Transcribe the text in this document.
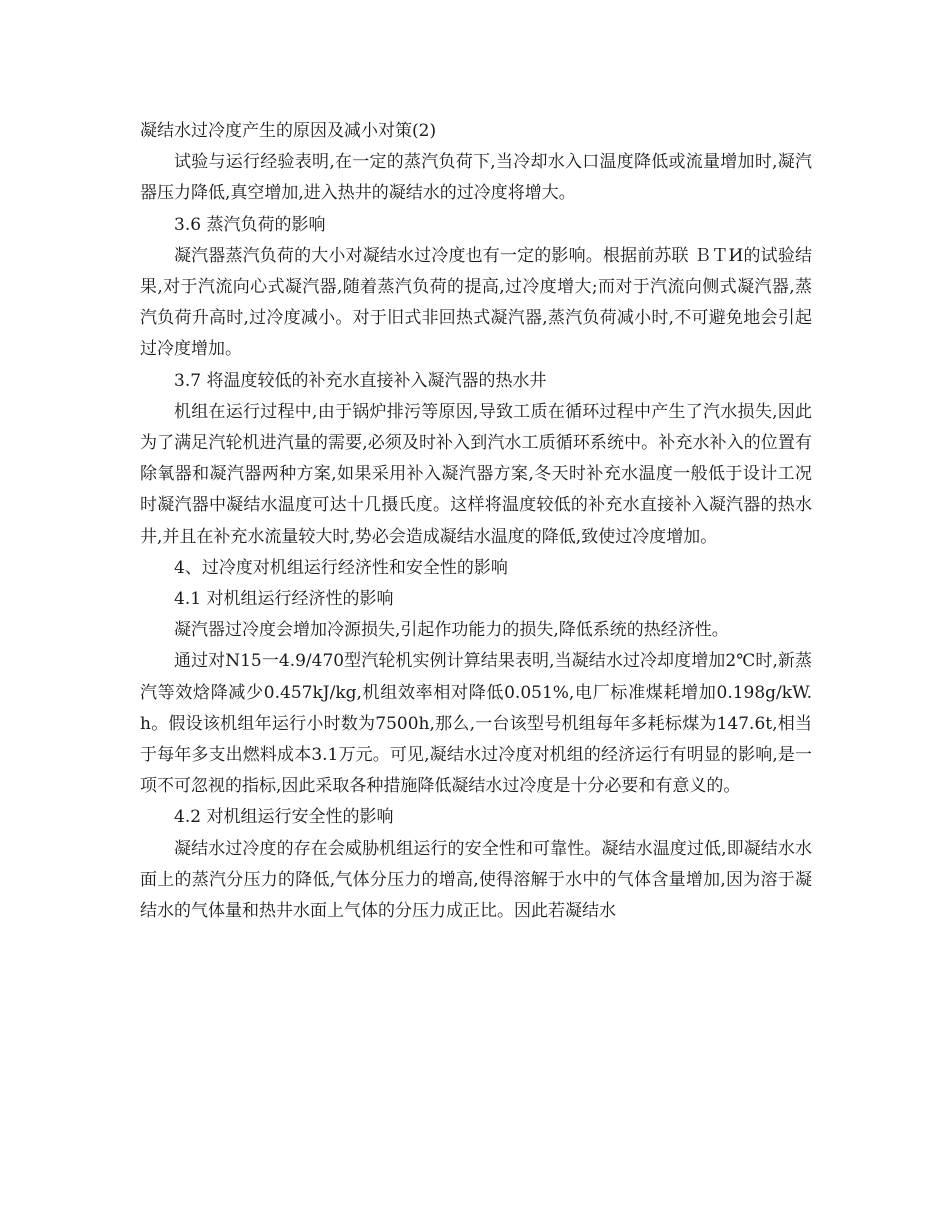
凝结水过冷度产生的原因及减小对策(2)

试验与运行经验表明,在一定的蒸汽负荷下,当冷却水入口温度降低或流量增加时,凝汽器压力降低,真空增加,进入热井的凝结水的过冷度将增大。

3.6 蒸汽负荷的影响

凝汽器蒸汽负荷的大小对凝结水过冷度也有一定的影响。根据前苏联 ＢＴИ的试验结果,对于汽流向心式凝汽器,随着蒸汽负荷的提高,过冷度增大;而对于汽流向侧式凝汽器,蒸汽负荷升高时,过冷度减小。对于旧式非回热式凝汽器,蒸汽负荷减小时,不可避免地会引起过冷度增加。

3.7 将温度较低的补充水直接补入凝汽器的热水井

机组在运行过程中,由于锅炉排污等原因,导致工质在循环过程中产生了汽水损失,因此为了满足汽轮机进汽量的需要,必须及时补入到汽水工质循环系统中。补充水补入的位置有除氧器和凝汽器两种方案,如果采用补入凝汽器方案,冬天时补充水温度一般低于设计工况时凝汽器中凝结水温度可达十几摄氏度。这样将温度较低的补充水直接补入凝汽器的热水井,并且在补充水流量较大时,势必会造成凝结水温度的降低,致使过冷度增加。

4、过冷度对机组运行经济性和安全性的影响

4.1 对机组运行经济性的影响

凝汽器过冷度会增加冷源损失,引起作功能力的损失,降低系统的热经济性。

通过对N15一4.9/470型汽轮机实例计算结果表明,当凝结水过冷却度增加2℃时,新蒸汽等效焓降减少0.457kJ/kg,机组效率相对降低0.051%,电厂标准煤耗增加0.198g/kW.h。假设该机组年运行小时数为7500h,那么,一台该型号机组每年多耗标煤为147.6t,相当于每年多支出燃料成本3.1万元。可见,凝结水过冷度对机组的经济运行有明显的影响,是一项不可忽视的指标,因此采取各种措施降低凝结水过冷度是十分必要和有意义的。

4.2 对机组运行安全性的影响

凝结水过冷度的存在会威胁机组运行的安全性和可靠性。凝结水温度过低,即凝结水水面上的蒸汽分压力的降低,气体分压力的增高,使得溶解于水中的气体含量增加,因为溶于凝结水的气体量和热井水面上气体的分压力成正比。因此若凝结水
